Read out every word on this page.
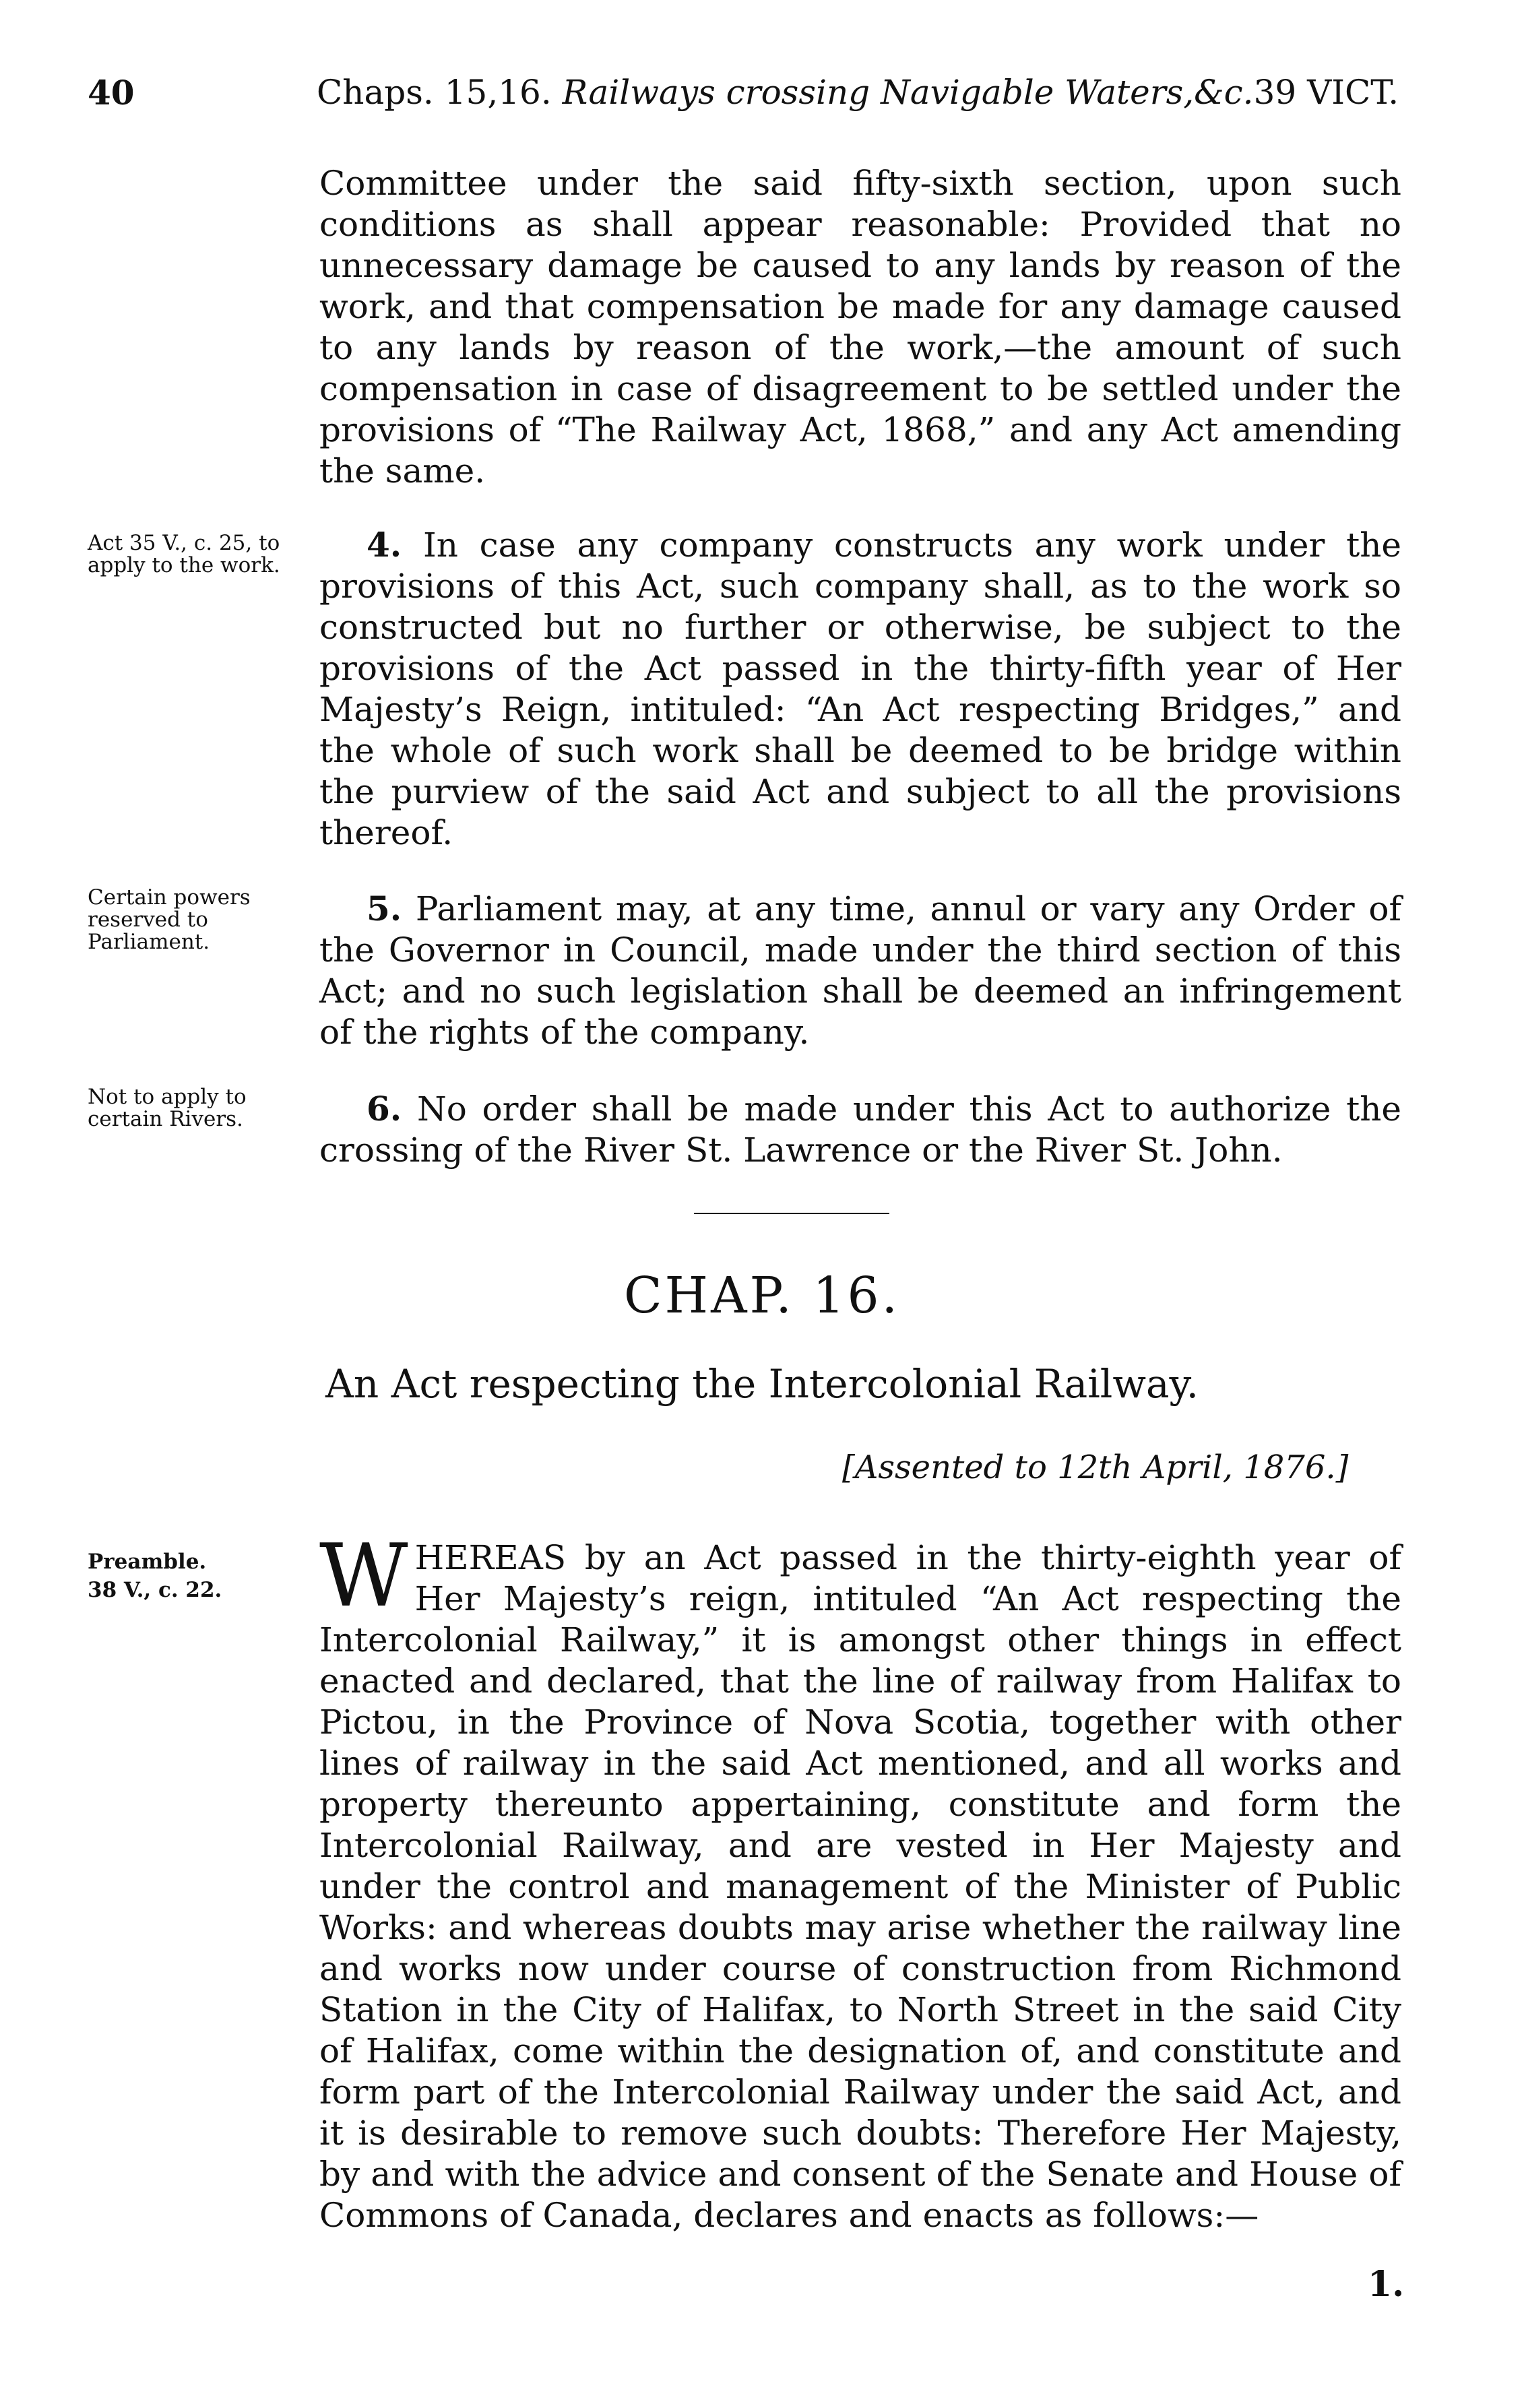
40	Chaps. 15,16. Railways crossing Navigable Waters,&c.39 VICT.

Committee under the said fifty-sixth section, upon such conditions as shall appear reasonable: Provided that no unnecessary damage be caused to any lands by reason of the work, and that compensation be made for any damage caused to any lands by reason of the work,—the amount of such compensation in case of disagreement to be settled under the provisions of “The Railway Act, 1868,” and any Act amending the same.

Act 35 V., c. 25, to apply to the work.

4. In case any company constructs any work under the provisions of this Act, such company shall, as to the work so constructed but no further or otherwise, be subject to the provisions of the Act passed in the thirty-fifth year of Her Majesty’s Reign, intituled: “An Act respecting Bridges,” and the whole of such work shall be deemed to be bridge within the purview of the said Act and subject to all the provisions thereof.

Certain powers reserved to Parliament.

5. Parliament may, at any time, annul or vary any Order of the Governor in Council, made under the third section of this Act; and no such legislation shall be deemed an infringement of the rights of the company.

Not to apply to certain Rivers.	6. No order shall be made under this Act to authorize the crossing of the River St. Lawrence or the River St. John.

CHAP. 16.
An Act respecting the Intercolonial Railway.
[Assented to 12th April, 1876.]
Preamble.
38 V., c. 22.	WHEREAS by an Act passed in the thirty-eighth year of Her Majesty’s reign, intituled “An Act respecting the Intercolonial Railway,” it is amongst other things in effect enacted and declared, that the line of railway from Halifax to Pictou, in the Province of Nova Scotia, together with other lines of railway in the said Act mentioned, and all works and property thereunto appertaining, constitute and form the Intercolonial Railway, and are vested in Her Majesty and under the control and management of the Minister of Public Works: and whereas doubts may arise whether the railway line and works now under course of construction from Richmond Station in the City of Halifax, to North Street in the said City of Halifax, come within the designation of, and constitute and form part of the Intercolonial Railway under the said Act, and it is desirable to remove such doubts: Therefore Her Majesty, by and with the advice and consent of the Senate and House of Commons of Canada, declares and enacts as follows:—

1.
